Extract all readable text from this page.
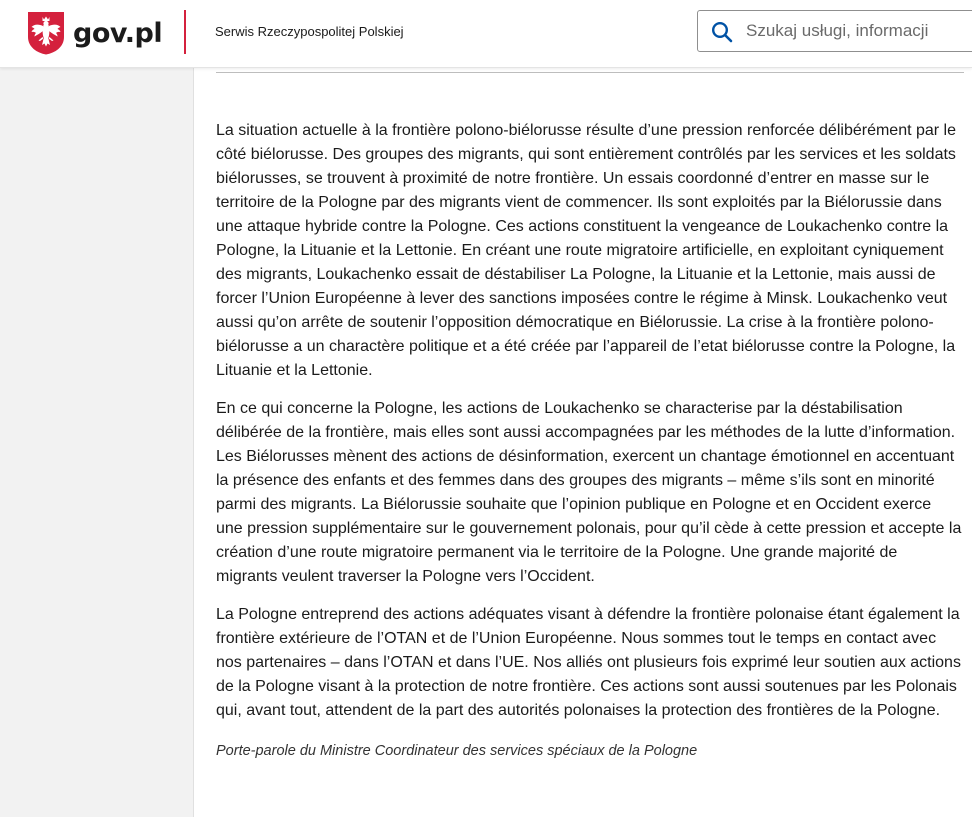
gov.pl	Serwis Rzeczypospolitej Polskiej
Szukaj usługi, informacji

La situation actuelle à la frontière polono-biélorusse résulte d’une pression renforcée délibérément par le côté biélorusse. Des groupes des migrants, qui sont entièrement contrôlés par les services et les soldats biélorusses, se trouvent à proximité de notre frontière. Un essais coordonné d’entrer en masse sur le territoire de la Pologne par des migrants vient de commencer. Ils sont exploités par la Biélorussie dans une attaque hybride contre la Pologne. Ces actions constituent la vengeance de Loukachenko contre la Pologne, la Lituanie et la Lettonie. En créant une route migratoire artificielle, en exploitant cyniquement des migrants, Loukachenko essait de déstabiliser La Pologne, la Lituanie et la Lettonie, mais aussi de forcer l’Union Européenne à lever des sanctions imposées contre le régime à Minsk. Loukachenko veut aussi qu’on arrête de soutenir l’opposition démocratique en Biélorussie. La crise à la frontière polono-biélorusse a un charactère politique et a été créée par l’appareil de l’etat biélorusse contre la Pologne, la Lituanie et la Lettonie.

En ce qui concerne la Pologne, les actions de Loukachenko se characterise par la déstabilisation délibérée de la frontière, mais elles sont aussi accompagnées par les méthodes de la lutte d’information. Les Biélorusses mènent des actions de désinformation, exercent un chantage émotionnel en accentuant la présence des enfants et des femmes dans des groupes des migrants – même s’ils sont en minorité parmi des migrants. La Biélorussie souhaite que l’opinion publique en Pologne et en Occident exerce une pression supplémentaire sur le gouvernement polonais, pour qu’il cède à cette pression et accepte la création d’une route migratoire permanent via le territoire de la Pologne. Une grande majorité de migrants veulent traverser la Pologne vers l’Occident.

La Pologne entreprend des actions adéquates visant à défendre la frontière polonaise étant également la frontière extérieure de l’OTAN et de l’Union Européenne. Nous sommes tout le temps en contact avec nos partenaires – dans l’OTAN et dans l’UE. Nos alliés ont plusieurs fois exprimé leur soutien aux actions de la Pologne visant à la protection de notre frontière. Ces actions sont aussi soutenues par les Polonais qui, avant tout, attendent de la part des autorités polonaises la protection des frontières de la Pologne.

Porte-parole du Ministre Coordinateur des services spéciaux de la Pologne
